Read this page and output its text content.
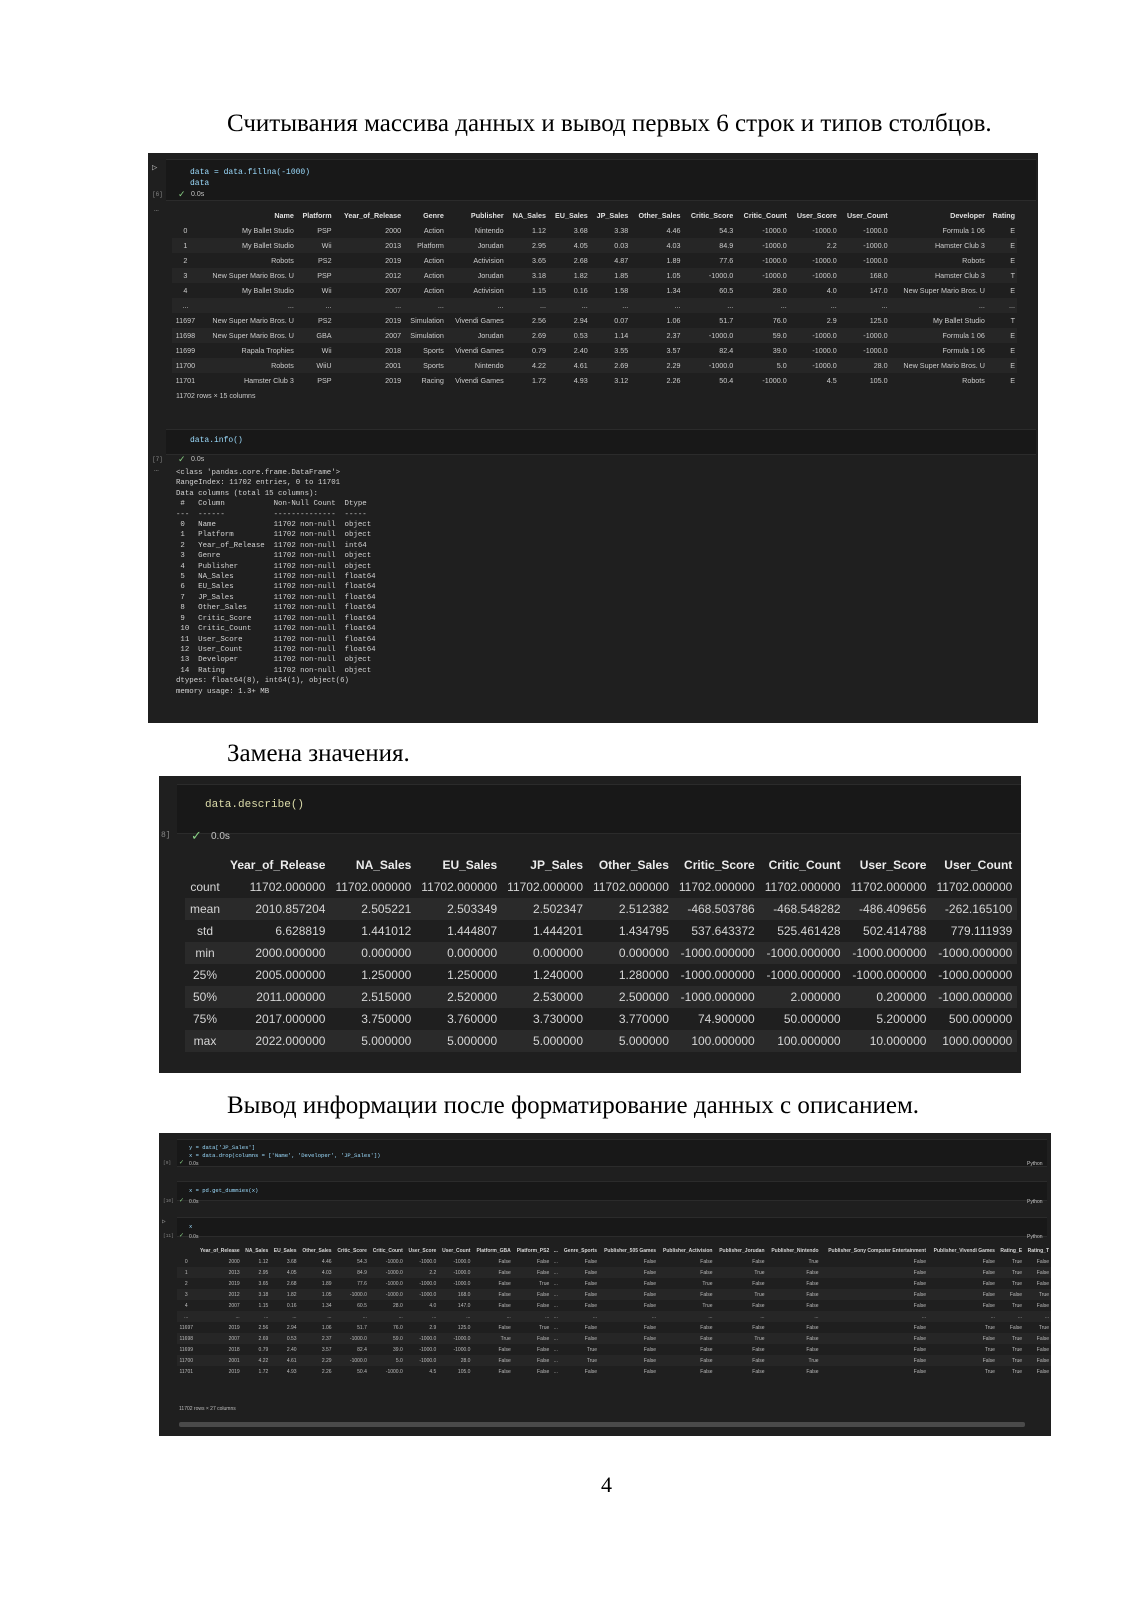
Считывания массива данных и вывод первых 6 строк и типов столбцов.
data = data.fillna(-1000)
data
▷
[6] ✓ 0.0s
…
	Name	Platform	Year_of_Release	Genre	Publisher	NA_Sales	EU_Sales	JP_Sales	Other_Sales	Critic_Score	Critic_Count	User_Score	User_Count	Developer	Rating
0	My Ballet Studio	PSP	2000	Action	Nintendo	1.12	3.68	3.38	4.46	54.3	-1000.0	-1000.0	-1000.0	Formula 1 06	E
1	My Ballet Studio	Wii	2013	Platform	Jorudan	2.95	4.05	0.03	4.03	84.9	-1000.0	2.2	-1000.0	Hamster Club 3	E
2	Robots	PS2	2019	Action	Activision	3.65	2.68	4.87	1.89	77.6	-1000.0	-1000.0	-1000.0	Robots	E
3	New Super Mario Bros. U	PSP	2012	Action	Jorudan	3.18	1.82	1.85	1.05	-1000.0	-1000.0	-1000.0	168.0	Hamster Club 3	T
4	My Ballet Studio	Wii	2007	Action	Activision	1.15	0.16	1.58	1.34	60.5	28.0	4.0	147.0	New Super Mario Bros. U	E
...	...	...	...	...	...	...	...	...	...	...	...	...	...	...	...
11697	New Super Mario Bros. U	PS2	2019	Simulation	Vivendi Games	2.56	2.94	0.07	1.06	51.7	76.0	2.9	125.0	My Ballet Studio	T
11698	New Super Mario Bros. U	GBA	2007	Simulation	Jorudan	2.69	0.53	1.14	2.37	-1000.0	59.0	-1000.0	-1000.0	Formula 1 06	E
11699	Rapala Trophies	Wii	2018	Sports	Vivendi Games	0.79	2.40	3.55	3.57	82.4	39.0	-1000.0	-1000.0	Formula 1 06	E
11700	Robots	WiiU	2001	Sports	Nintendo	4.22	4.61	2.69	2.29	-1000.0	5.0	-1000.0	28.0	New Super Mario Bros. U	E
11701	Hamster Club 3	PSP	2019	Racing	Vivendi Games	1.72	4.93	3.12	2.26	50.4	-1000.0	4.5	105.0	Robots	E
11702 rows × 15 columns
data.info()
[7] ✓ 0.0s
… <class 'pandas.core.frame.DataFrame'>
RangeIndex: 11702 entries, 0 to 11701
Data columns (total 15 columns):
#   Column           Non-Null Count  Dtype
---  ------           --------------  -----
0   Name             11702 non-null  object
1   Platform         11702 non-null  object
2   Year_of_Release  11702 non-null  int64
3   Genre            11702 non-null  object
4   Publisher        11702 non-null  object
5   NA_Sales         11702 non-null  float64
6   EU_Sales         11702 non-null  float64
7   JP_Sales         11702 non-null  float64
8   Other_Sales      11702 non-null  float64
9   Critic_Score     11702 non-null  float64
10  Critic_Count     11702 non-null  float64
11  User_Score       11702 non-null  float64
12  User_Count       11702 non-null  float64
13  Developer        11702 non-null  object
14  Rating           11702 non-null  object
dtypes: float64(8), int64(1), object(6)
memory usage: 1.3+ MB
Замена значения.
data.describe()
8] ✓ 0.0s
	Year_of_Release	NA_Sales	EU_Sales	JP_Sales	Other_Sales	Critic_Score	Critic_Count	User_Score	User_Count
count	11702.000000	11702.000000	11702.000000	11702.000000	11702.000000	11702.000000	11702.000000	11702.000000	11702.000000
mean	2010.857204	2.505221	2.503349	2.502347	2.512382	-468.503786	-468.548282	-486.409656	-262.165100
std	6.628819	1.441012	1.444807	1.444201	1.434795	537.643372	525.461428	502.414788	779.111939
min	2000.000000	0.000000	0.000000	0.000000	0.000000	-1000.000000	-1000.000000	-1000.000000	-1000.000000
25%	2005.000000	1.250000	1.250000	1.240000	1.280000	-1000.000000	-1000.000000	-1000.000000	-1000.000000
50%	2011.000000	2.515000	2.520000	2.530000	2.500000	-1000.000000	2.000000	0.200000	-1000.000000
75%	2017.000000	3.750000	3.760000	3.730000	3.770000	74.900000	50.000000	5.200000	500.000000
max	2022.000000	5.000000	5.000000	5.000000	5.000000	100.000000	100.000000	10.000000	1000.000000
Вывод информации после форматирование данных с описанием.
y = data['JP_Sales']
x = data.drop(columns = ['Name', 'Developer', 'JP_Sales'])
[9] ✓ 0.0s	Python
x = pd.get_dummies(x)
[10] ✓ 0.0s	Python
x
▷
[11] ✓ 0.0s	Python
	Year_of_Release	NA_Sales	EU_Sales	Other_Sales	Critic_Score	Critic_Count	User_Score	User_Count	Platform_GBA	Platform_PS2	...	Genre_Sports	Publisher_505 Games	Publisher_Activision	Publisher_Jorudan	Publisher_Nintendo	Publisher_Sony Computer Entertainment	Publisher_Vivendi Games	Rating_E	Rating_T
0	2000	1.12	3.68	4.46	54.3	-1000.0	-1000.0	-1000.0	False	False	...	False	False	False	False	True	False	False	True	False
1	2013	2.95	4.05	4.03	84.9	-1000.0	2.2	-1000.0	False	False	...	False	False	False	True	False	False	False	True	False
2	2019	3.65	2.68	1.89	77.6	-1000.0	-1000.0	-1000.0	False	True	...	False	False	True	False	False	False	False	True	False
3	2012	3.18	1.82	1.05	-1000.0	-1000.0	-1000.0	168.0	False	False	...	False	False	False	True	False	False	False	False	True
4	2007	1.15	0.16	1.34	60.5	28.0	4.0	147.0	False	False	...	False	False	True	False	False	False	False	True	False
...	...	...	...	...	...	...	...	...	...	...	...	...	...	...	...	...	...	...	...	...
11697	2019	2.56	2.94	1.06	51.7	76.0	2.9	125.0	False	True	...	False	False	False	False	False	False	True	False	True
11698	2007	2.69	0.53	2.37	-1000.0	59.0	-1000.0	-1000.0	True	False	...	False	False	False	True	False	False	False	True	False
11699	2018	0.79	2.40	3.57	82.4	39.0	-1000.0	-1000.0	False	False	...	True	False	False	False	False	False	True	True	False
11700	2001	4.22	4.61	2.29	-1000.0	5.0	-1000.0	28.0	False	False	...	True	False	False	False	True	False	False	True	False
11701	2019	1.72	4.93	2.26	50.4	-1000.0	4.5	105.0	False	False	...	False	False	False	False	False	False	True	True	False
11702 rows × 27 columns
4
